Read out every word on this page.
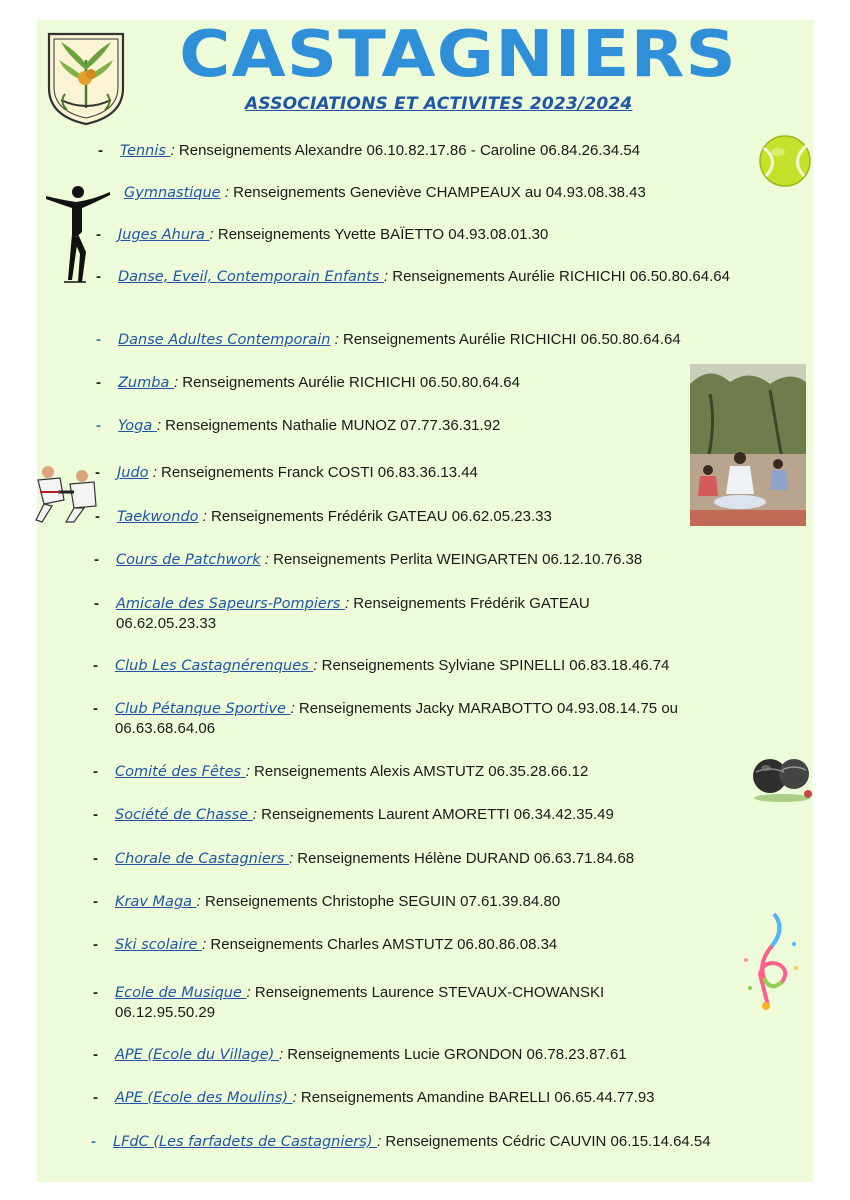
CASTAGNIERS
ASSOCIATIONS ET ACTIVITES 2023/2024
- Tennis : Renseignements Alexandre 06.10.82.17.86 - Caroline 06.84.26.34.54
Gymnastique : Renseignements Geneviève CHAMPEAUX au 04.93.08.38.43
- Juges Ahura : Renseignements Yvette BAÏETTO 04.93.08.01.30
- Danse, Eveil, Contemporain Enfants : Renseignements Aurélie RICHICHI 06.50.80.64.64
- Danse Adultes Contemporain : Renseignements Aurélie RICHICHI 06.50.80.64.64
- Zumba : Renseignements Aurélie RICHICHI 06.50.80.64.64
- Yoga : Renseignements Nathalie MUNOZ 07.77.36.31.92
- Judo : Renseignements Franck COSTI 06.83.36.13.44
- Taekwondo : Renseignements Frédérik GATEAU 06.62.05.23.33
- Cours de Patchwork : Renseignements Perlita WEINGARTEN 06.12.10.76.38
- Amicale des Sapeurs-Pompiers : Renseignements Frédérik GATEAU 06.62.05.23.33
- Club Les Castagnérenques : Renseignements Sylviane SPINELLI 06.83.18.46.74
- Club Pétanque Sportive : Renseignements Jacky MARABOTTO 04.93.08.14.75 ou 06.63.68.64.06
- Comité des Fêtes : Renseignements Alexis AMSTUTZ 06.35.28.66.12
- Société de Chasse : Renseignements Laurent AMORETTI 06.34.42.35.49
- Chorale de Castagniers : Renseignements Hélène DURAND 06.63.71.84.68
- Krav Maga : Renseignements Christophe SEGUIN 07.61.39.84.80
- Ski scolaire : Renseignements Charles AMSTUTZ 06.80.86.08.34
- Ecole de Musique : Renseignements Laurence STEVAUX-CHOWANSKI 06.12.95.50.29
- APE (Ecole du Village) : Renseignements Lucie GRONDON 06.78.23.87.61
- APE (Ecole des Moulins) : Renseignements Amandine BARELLI 06.65.44.77.93
- LFdC (Les farfadets de Castagniers) : Renseignements Cédric CAUVIN 06.15.14.64.54
